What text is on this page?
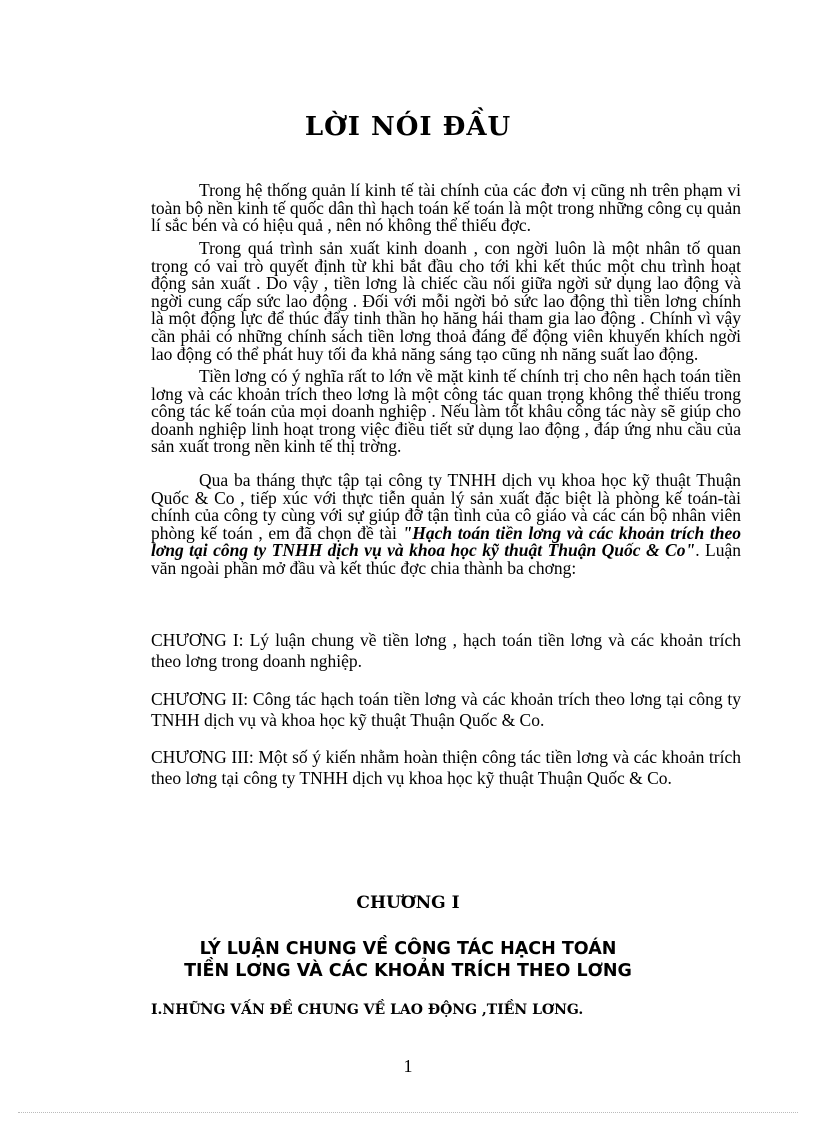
LỜI NÓI ĐẦU

Trong hệ thống quản lí kinh tế tài chính của các đơn vị cũng nh trên phạm vi toàn bộ nền kinh tế quốc dân thì hạch toán kế toán là một trong những công cụ quản lí sắc bén và có hiệu quả , nên nó không thể thiếu đợc.

Trong quá trình sản xuất kinh doanh , con ngời luôn là một nhân tố quan trọng có vai trò quyết định từ khi bắt đầu cho tới khi kết thúc một chu trình hoạt động sản xuất . Do vậy , tiền lơng là chiếc cầu nối giữa ngời sử dụng lao động và ngời cung cấp sức lao động . Đối với mỗi ngời bỏ sức lao động thì tiền lơng chính là một động lực để thúc đẩy tinh thần họ hăng hái tham gia lao động . Chính vì vậy cần phải có những chính sách tiền lơng thoả đáng để động viên khuyến khích ngời lao động có thể phát huy tối đa khả năng sáng tạo cũng nh năng suất lao động.

Tiền lơng có ý nghĩa rất to lớn về mặt kinh tế chính trị cho nên hạch toán tiền lơng và các khoản trích theo lơng là một công tác quan trọng không thể thiếu trong công tác kế toán của mọi doanh nghiệp . Nếu làm tốt khâu công tác này sẽ giúp cho doanh nghiệp linh hoạt trong việc điều tiết sử dụng lao động , đáp ứng nhu cầu của sản xuất trong nền kinh tế thị trờng.

Qua ba tháng thực tập tại công ty TNHH dịch vụ khoa học kỹ thuật Thuận Quốc & Co , tiếp xúc với thực tiễn quản lý sản xuất đặc biệt là phòng kế toán-tài chính của công ty cùng với sự giúp đỡ tận tình của cô giáo và các cán bộ nhân viên phòng kế toán , em đã chọn đề tài "Hạch toán tiền lơng và các khoản trích theo lơng tại công ty TNHH dịch vụ và khoa học kỹ thuật Thuận Quốc & Co". Luận văn ngoài phần mở đầu và kết thúc đợc chia thành ba chơng:

CHƯƠNG I: Lý luận chung về tiền lơng , hạch toán tiền lơng và các khoản trích theo lơng trong doanh nghiệp.

CHƯƠNG II: Công tác hạch toán tiền lơng và các khoản trích theo lơng tại công ty TNHH dịch vụ và khoa học kỹ thuật Thuận Quốc & Co.

CHƯƠNG III: Một số ý kiến nhằm hoàn thiện công tác tiền lơng và các khoản trích theo lơng tại công ty TNHH dịch vụ khoa học kỹ thuật Thuận Quốc & Co.

CHƯƠNG I
LÝ LUẬN CHUNG VỀ CÔNG TÁC HẠCH TOÁN
TIỀN LƠNG VÀ CÁC KHOẢN TRÍCH THEO LƠNG
I.NHỮNG VẤN ĐỀ CHUNG VỀ LAO ĐỘNG ,TIỀN LƠNG.
1
